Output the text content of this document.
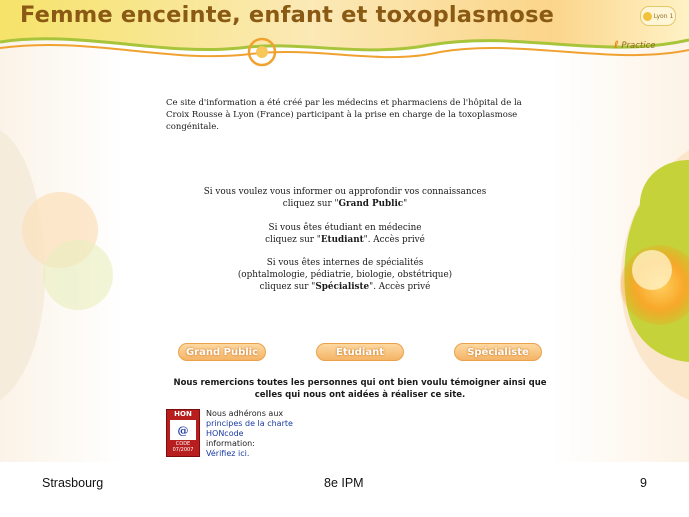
Femme enceinte, enfant et toxoplasmose	Lyon 1
ℓ Practice
Ce site d'information a été créé par les médecins et pharmaciens de l'hôpital de la
Croix Rousse à Lyon (France) participant à la prise en charge de la toxoplasmose
congénitale.
Si vous voulez vous informer ou approfondir vos connaissances
cliquez sur "Grand Public"
Si vous êtes étudiant en médecine
cliquez sur "Etudiant". Accès privé
Si vous êtes internes de spécialités
(ophtalmologie, pédiatrie, biologie, obstétrique)
cliquez sur "Spécialiste". Accès privé
Grand Public	Etudiant	Spécialiste
Nous remercions toutes les personnes qui ont bien voulu témoigner ainsi que
celles qui nous ont aidées à réaliser ce site.
HON
@
CODE
07/2007
Nous adhérons aux
principes de la charte
HONcode
information:
Vérifiez ici.
Strasbourg	8e IPM	9
